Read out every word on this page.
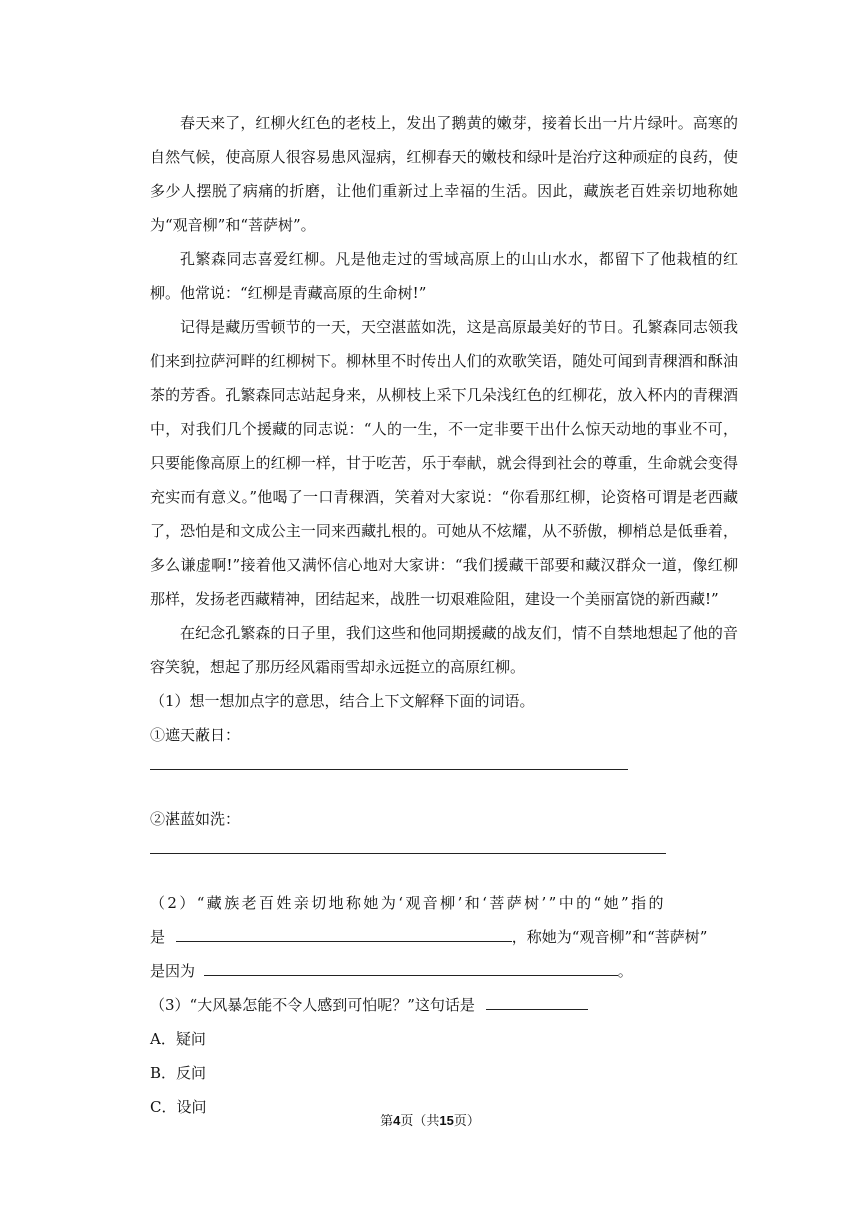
春天来了，红柳火红色的老枝上，发出了鹅黄的嫩芽，接着长出一片片绿叶。高寒的自然气候，使高原人很容易患风湿病，红柳春天的嫩枝和绿叶是治疗这种顽症的良药，使多少人摆脱了病痛的折磨，让他们重新过上幸福的生活。因此，藏族老百姓亲切地称她为“观音柳”和“菩萨树”。

孔繁森同志喜爱红柳。凡是他走过的雪域高原上的山山水水，都留下了他栽植的红柳。他常说：“红柳是青藏高原的生命树!”

记得是藏历雪顿节的一天，天空湛蓝如洗，这是高原最美好的节日。孔繁森同志领我们来到拉萨河畔的红柳树下。柳林里不时传出人们的欢歌笑语，随处可闻到青稞酒和酥油茶的芳香。孔繁森同志站起身来，从柳枝上采下几朵浅红色的红柳花，放入杯内的青稞酒中，对我们几个援藏的同志说：“人的一生，不一定非要干出什么惊天动地的事业不可，只要能像高原上的红柳一样，甘于吃苦，乐于奉献，就会得到社会的尊重，生命就会变得充实而有意义。”他喝了一口青稞酒，笑着对大家说：“你看那红柳，论资格可谓是老西藏了，恐怕是和文成公主一同来西藏扎根的。可她从不炫耀，从不骄傲，柳梢总是低垂着，多么谦虚啊!”接着他又满怀信心地对大家讲：“我们援藏干部要和藏汉群众一道，像红柳那样，发扬老西藏精神，团结起来，战胜一切艰难险阻，建设一个美丽富饶的新西藏!”

在纪念孔繁森的日子里，我们这些和他同期援藏的战友们，情不自禁地想起了他的音容笑貌，想起了那历经风霜雨雪却永远挺立的高原红柳。

（1）想一想加点字的意思，结合上下文解释下面的词语。

①遮天蔽 •日：

②湛 •蓝如洗：

（2）“藏族老百姓亲切地称她为‘观音柳’和‘菩萨树’”中的“她”指的

是	，称她为“观音柳”和“菩萨树”

是因为	。

（3）“大风暴怎能不令人感到可怕呢？”这句话是

A．疑问

B．反问

C．设问

第4页（共15页）
